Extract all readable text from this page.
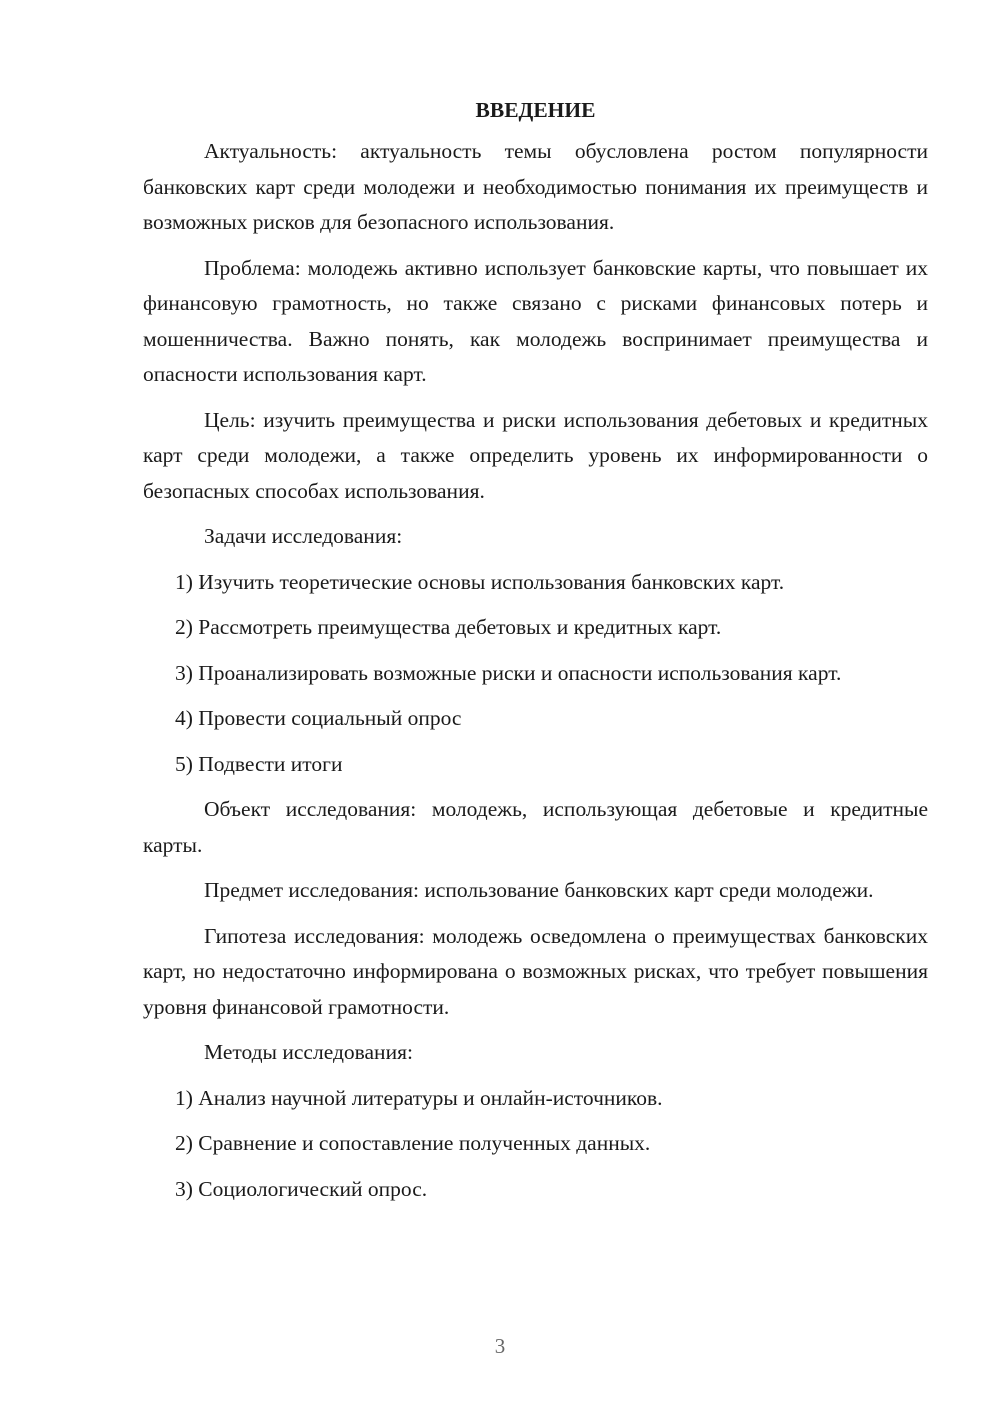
ВВЕДЕНИЕ

Актуальность: актуальность темы обусловлена ростом популярности банковских карт среди молодежи и необходимостью понимания их преимуществ и возможных рисков для безопасного использования.

Проблема: молодежь активно использует банковские карты, что повышает их финансовую грамотность, но также связано с рисками финансовых потерь и мошенничества. Важно понять, как молодежь воспринимает преимущества и опасности использования карт.

Цель: изучить преимущества и риски использования дебетовых и кредитных карт среди молодежи, а также определить уровень их информированности о безопасных способах использования.

Задачи исследования:

1) Изучить теоретические основы использования банковских карт.

2) Рассмотреть преимущества дебетовых и кредитных карт.

3) Проанализировать возможные риски и опасности использования карт.

4) Провести социальный опрос

5) Подвести итоги

Объект исследования: молодежь, использующая дебетовые и кредитные карты.

Предмет исследования: использование банковских карт среди молодежи.

Гипотеза исследования: молодежь осведомлена о преимуществах банковских карт, но недостаточно информирована о возможных рисках, что требует повышения уровня финансовой грамотности.

Методы исследования:

1) Анализ научной литературы и онлайн-источников.

2) Сравнение и сопоставление полученных данных.

3) Социологический опрос.

3
